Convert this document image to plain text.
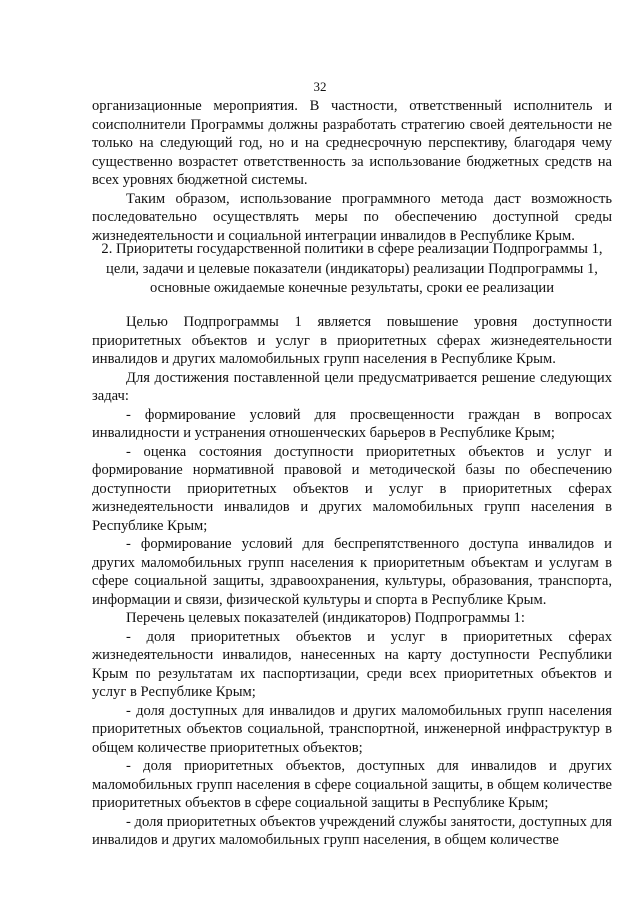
32

организационные мероприятия. В частности, ответственный исполнитель и соисполнители Программы должны разработать стратегию своей деятельности не только на следующий год, но и на среднесрочную перспективу, благодаря чему существенно возрастет ответственность за использование бюджетных средств на всех уровнях бюджетной системы.

Таким образом, использование программного метода даст возможность последовательно осуществлять меры по обеспечению доступной среды жизнедеятельности и социальной интеграции инвалидов в Республике Крым.

2. Приоритеты государственной политики в сфере реализации Подпрограммы 1,

цели, задачи и целевые показатели (индикаторы) реализации Подпрограммы 1,

основные ожидаемые конечные результаты, сроки ее реализации

Целью Подпрограммы 1 является повышение уровня доступности приоритетных объектов и услуг в приоритетных сферах жизнедеятельности инвалидов и других маломобильных групп населения в Республике Крым.

Для достижения поставленной цели предусматривается решение следующих задач:

- формирование условий для просвещенности граждан в вопросах инвалидности и устранения отношенческих барьеров в Республике Крым;

- оценка состояния доступности приоритетных объектов и услуг и формирование нормативной правовой и методической базы по обеспечению доступности приоритетных объектов и услуг в приоритетных сферах жизнедеятельности инвалидов и других маломобильных групп населения в Республике Крым;

- формирование условий для беспрепятственного доступа инвалидов и других маломобильных групп населения к приоритетным объектам и услугам в сфере социальной защиты, здравоохранения, культуры, образования, транспорта, информации и связи, физической культуры и спорта в Республике Крым.

Перечень целевых показателей (индикаторов) Подпрограммы 1:

- доля приоритетных объектов и услуг в приоритетных сферах жизнедеятельности инвалидов, нанесенных на карту доступности Республики Крым по результатам их паспортизации, среди всех приоритетных объектов и услуг в Республике Крым;

- доля доступных для инвалидов и других маломобильных групп населения приоритетных объектов социальной, транспортной, инженерной инфраструктур в общем количестве приоритетных объектов;

- доля приоритетных объектов, доступных для инвалидов и других маломобильных групп населения в сфере социальной защиты, в общем количестве приоритетных объектов в сфере социальной защиты в Республике Крым;

- доля приоритетных объектов учреждений службы занятости, доступных для инвалидов и других маломобильных групп населения, в общем количестве
